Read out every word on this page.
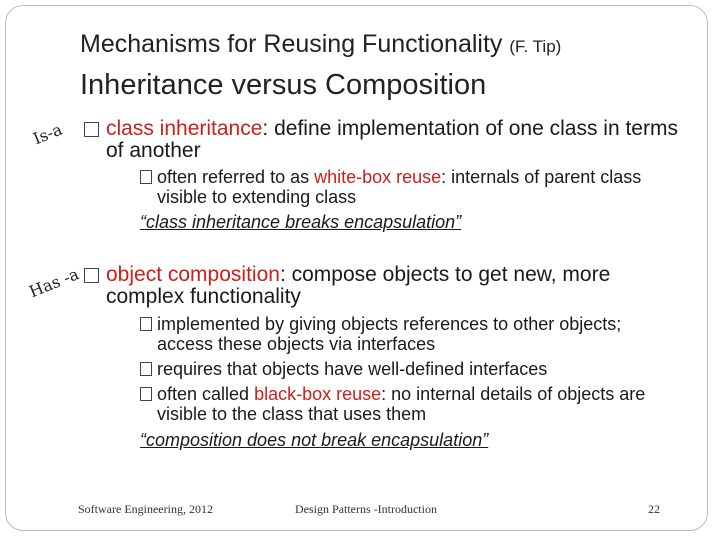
Mechanisms for Reusing Functionality (F. Tip)
Inheritance versus Composition
Is-a
Has -a
class inheritance: define implementation of one class in terms of another
often referred to as white-box reuse: internals of parent class visible to extending class
“class inheritance breaks encapsulation”
object composition: compose objects to get new, more complex functionality
implemented by giving objects references to other objects; access these objects via interfaces
requires that objects have well-defined interfaces
often called black-box reuse: no internal details of objects are visible to the class that uses them
“composition does not break encapsulation”
Software Engineering, 2012	Design Patterns -Introduction	22
